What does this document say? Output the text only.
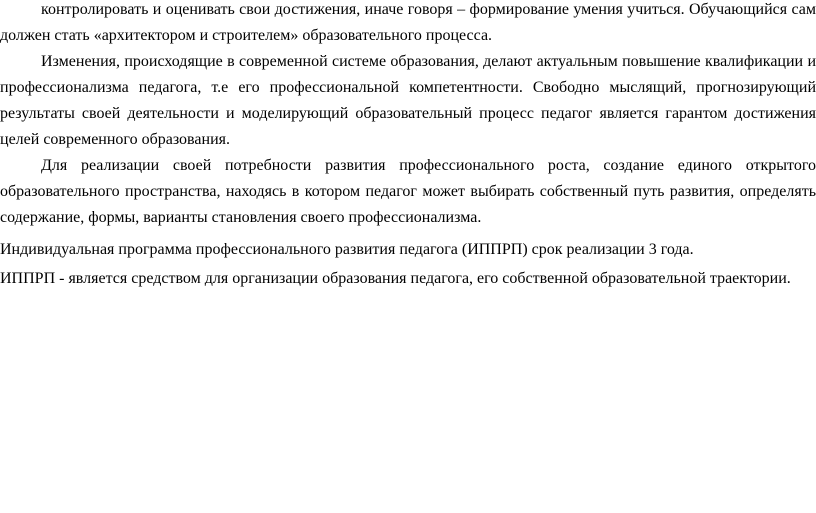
контролировать и оценивать свои достижения, иначе говоря – формирование умения учиться. Обучающийся сам должен стать «архитектором и строителем» образовательного процесса.

Изменения, происходящие в современной системе образования, делают актуальным повышение квалификации и профессионализма педагога, т.е его профессиональной компетентности. Свободно мыслящий, прогнозирующий результаты своей деятельности и моделирующий образовательный процесс педагог является гарантом достижения целей современного образования.

Для реализации своей потребности развития профессионального роста, создание единого открытого образовательного пространства, находясь в котором педагог может выбирать собственный путь развития, определять содержание, формы, варианты становления своего профессионализма.

Индивидуальная программа профессионального развития педагога (ИППРП) срок реализации 3 года.

ИППРП - является средством для организации образования педагога, его собственной образовательной траектории.
